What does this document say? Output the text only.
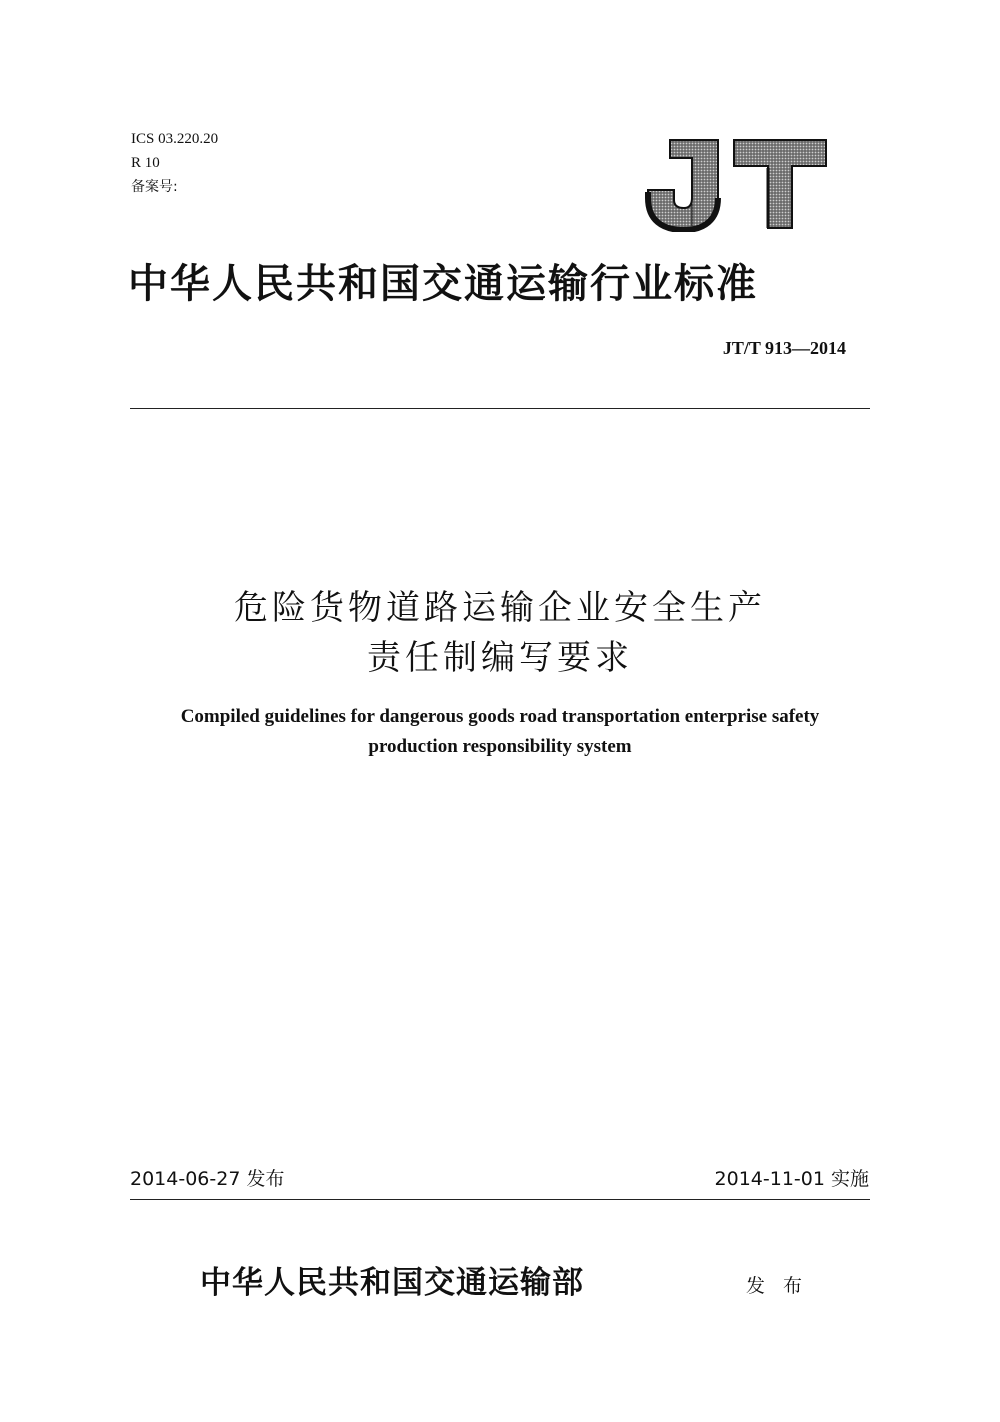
ICS 03.220.20
R 10
备案号:
中华人民共和国交通运输行业标准
JT/T 913—2014
危险货物道路运输企业安全生产
责任制编写要求
Compiled guidelines for dangerous goods road transportation enterprise safety
production responsibility system
2014-06-27 发布	2014-11-01 实施
中华人民共和国交通运输部	发 布
